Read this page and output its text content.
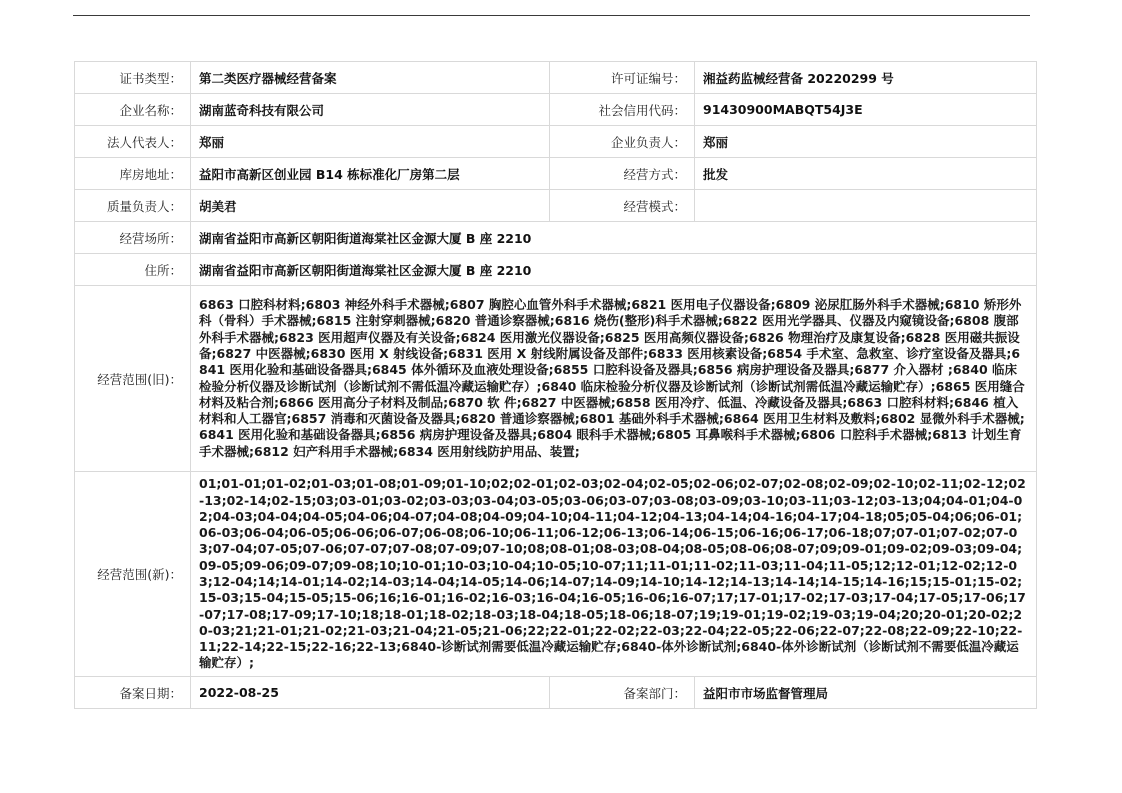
证书类型：	第二类医疗器械经营备案	许可证编号：	湘益药监械经营备 20220299 号
企业名称：	湖南蓝奇科技有限公司	社会信用代码：	91430900MABQT54J3E
法人代表人：	郑丽	企业负责人：	郑丽
库房地址：	益阳市高新区创业园 B14 栋标准化厂房第二层	经营方式：	批发
质量负责人：	胡美君	经营模式：	
经营场所：	湖南省益阳市高新区朝阳街道海棠社区金源大厦 B 座 2210		
住所：	湖南省益阳市高新区朝阳街道海棠社区金源大厦 B 座 2210		
经营范围(旧)：	6863 口腔科材料;6803 神经外科手术器械;6807 胸腔心血管外科手术器械;6821 医用电子仪器设备;6809 泌尿肛肠外科手术器械;6810 矫形外科（骨科）手术器械;6815 注射穿刺器械;6820 普通诊察器械;6816 烧伤(整形)科手术器械;6822 医用光学器具、仪器及内窥镜设备;6808 腹部外科手术器械;6823 医用超声仪器及有关设备;6824 医用激光仪器设备;6825 医用高频仪器设备;6826 物理治疗及康复设备;6828 医用磁共振设备;6827 中医器械;6830 医用 X 射线设备;6831 医用 X 射线附属设备及部件;6833 医用核素设备;6854 手术室、急救室、诊疗室设备及器具;6841 医用化验和基础设备器具;6845 体外循环及血液处理设备;6855 口腔科设备及器具;6856 病房护理设备及器具;6877 介入器材 ;6840 临床检验分析仪器及诊断试剂（诊断试剂不需低温冷藏运输贮存）;6840 临床检验分析仪器及诊断试剂（诊断试剂需低温冷藏运输贮存）;6865 医用缝合材料及粘合剂;6866 医用高分子材料及制品;6870 软 件;6827 中医器械;6858 医用冷疗、低温、冷藏设备及器具;6863 口腔科材料;6846 植入材料和人工器官;6857 消毒和灭菌设备及器具;6820 普通诊察器械;6801 基础外科手术器械;6864 医用卫生材料及敷料;6802 显微外科手术器械;6841 医用化验和基础设备器具;6856 病房护理设备及器具;6804 眼科手术器械;6805 耳鼻喉科手术器械;6806 口腔科手术器械;6813 计划生育手术器械;6812 妇产科用手术器械;6834 医用射线防护用品、装置;		
经营范围(新)：	01;01-01;01-02;01-03;01-08;01-09;01-10;02;02-01;02-03;02-04;02-05;02-06;02-07;02-08;02-09;02-10;02-11;02-12;02-13;02-14;02-15;03;03-01;03-02;03-03;03-04;03-05;03-06;03-07;03-08;03-09;03-10;03-11;03-12;03-13;04;04-01;04-02;04-03;04-04;04-05;04-06;04-07;04-08;04-09;04-10;04-11;04-12;04-13;04-14;04-16;04-17;04-18;05;05-04;06;06-01;06-03;06-04;06-05;06-06;06-07;06-08;06-10;06-11;06-12;06-13;06-14;06-15;06-16;06-17;06-18;07;07-01;07-02;07-03;07-04;07-05;07-06;07-07;07-08;07-09;07-10;08;08-01;08-03;08-04;08-05;08-06;08-07;09;09-01;09-02;09-03;09-04;09-05;09-06;09-07;09-08;10;10-01;10-03;10-04;10-05;10-07;11;11-01;11-02;11-03;11-04;11-05;12;12-01;12-02;12-03;12-04;14;14-01;14-02;14-03;14-04;14-05;14-06;14-07;14-09;14-10;14-12;14-13;14-14;14-15;14-16;15;15-01;15-02;15-03;15-04;15-05;15-06;16;16-01;16-02;16-03;16-04;16-05;16-06;16-07;17;17-01;17-02;17-03;17-04;17-05;17-06;17-07;17-08;17-09;17-10;18;18-01;18-02;18-03;18-04;18-05;18-06;18-07;19;19-01;19-02;19-03;19-04;20;20-01;20-02;20-03;21;21-01;21-02;21-03;21-04;21-05;21-06;22;22-01;22-02;22-03;22-04;22-05;22-06;22-07;22-08;22-09;22-10;22-11;22-14;22-15;22-16;22-13;6840-诊断试剂需要低温冷藏运输贮存;6840-体外诊断试剂;6840-体外诊断试剂（诊断试剂不需要低温冷藏运输贮存）;		
备案日期：	2022-08-25	备案部门：	益阳市市场监督管理局
